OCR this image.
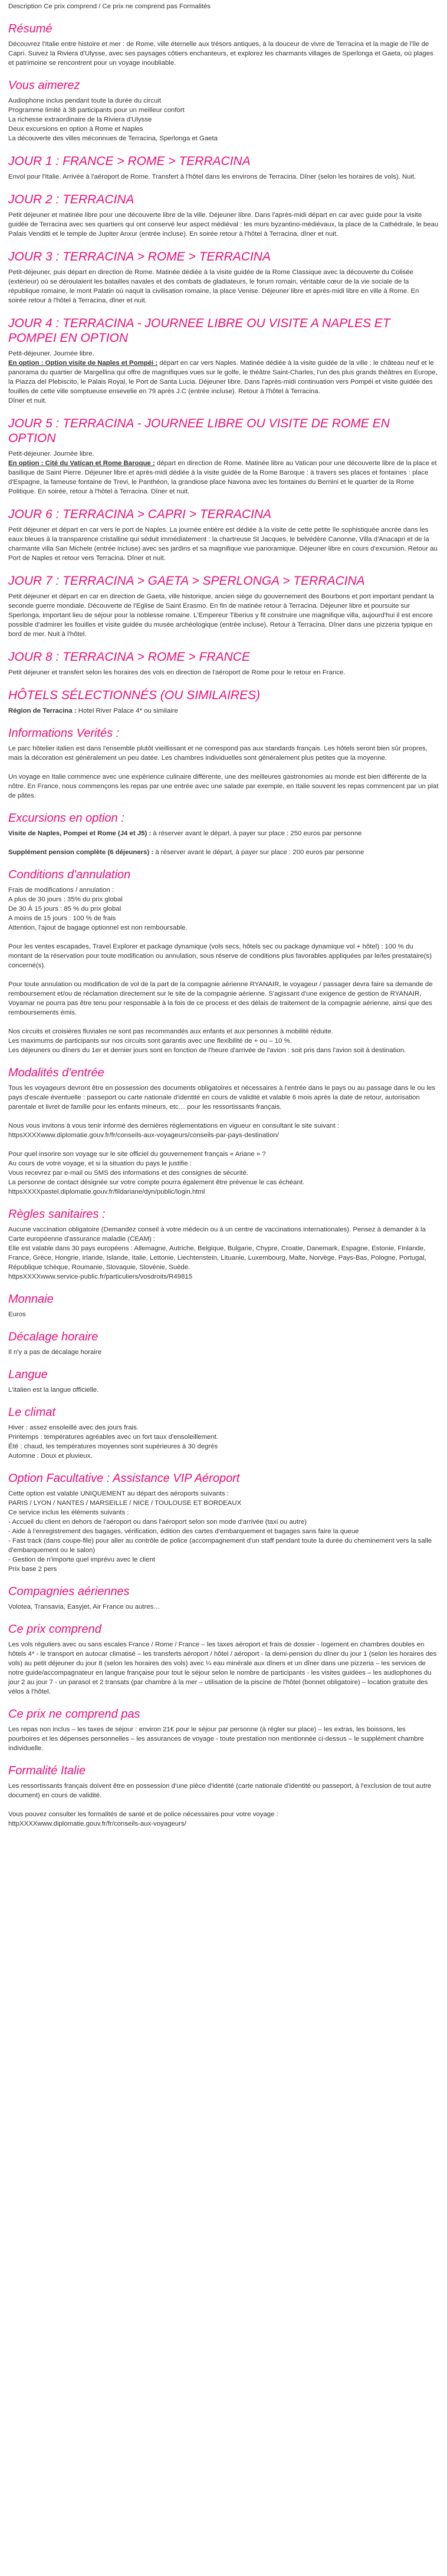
Description Ce prix comprend / Ce prix ne comprend pas Formalités

Résumé

Découvrez l'Italie entre histoire et mer : de Rome, ville éternelle aux trésors antiques, à la douceur de vivre de Terracina et la magie de l'île de Capri. Suivez la Riviera d'Ulysse, avec ses paysages côtiers enchanteurs, et explorez les charmants villages de Sperlonga et Gaeta, où plages et patrimoine se rencontrent pour un voyage inoubliable.

Vous aimerez

Audiophone inclus pendant toute la durée du circuit

Programme limité à 38 participants pour un meilleur confort

La richesse extraordinaire de la Riviera d'Ulysse

Deux excursions en option à Rome et Naples

La découverte des villes méconnues de Terracina, Sperlonga et Gaeta

JOUR 1 : FRANCE > ROME > TERRACINA

Envol pour l'Italie. Arrivée à l'aéroport de Rome. Transfert à l'hôtel dans les environs de Terracina. Dîner (selon les horaires de vols). Nuit.

JOUR 2 : TERRACINA

Petit déjeuner et matinée libre pour une découverte libre de la ville. Déjeuner libre. Dans l'après-midi départ en car avec guide pour la visite guidée de Terracina avec ses quartiers qui ont conservé leur aspect médiéval : les murs byzantino-médiévaux, la place de la Cathédrale, le beau Palais Venditti et le temple de Jupiter Anxur (entrée incluse). En soirée retour à l'hôtel à Terracina, dîner et nuit.

JOUR 3 : TERRACINA > ROME > TERRACINA

Petit-déjeuner, puis départ en direction de Rome. Matinée dédiée à la visite guidée de la Rome Classique avec la découverte du Colisée (extérieur) où se déroulaient les batailles navales et des combats de gladiateurs, le forum romain, véritable cœur de la vie sociale de la république romaine, le mont Palatin où naquit la civilisation romaine, la place Venise. Déjeuner libre et après-midi libre en ville à Rome. En soirée retour à l'hôtel à Terracina, dîner et nuit.

JOUR 4 : TERRACINA - JOURNEE LIBRE OU VISITE A NAPLES ET POMPEI EN OPTION

Petit-déjeuner. Journée libre.

En option : Option visite de Naples et Pompéi : départ en car vers Naples. Matinée dédiée à la visite guidée de la ville : le château neuf et le panorama du quartier de Margellina qui offre de magnifiques vues sur le golfe, le théâtre Saint-Charles, l'un des plus grands théâtres en Europe, la Piazza del Plebiscito, le Palais Royal, le Port de Santa Lucia. Déjeuner libre. Dans l'après-midi continuation vers Pompéi et visite guidée des fouilles de cette ville somptueuse ensevelie en 79 après J.C (entrée incluse). Retour à l'hôtel à Terracina.

Dîner et nuit.

JOUR 5 : TERRACINA - JOURNEE LIBRE OU VISITE DE ROME EN OPTION

Petit-déjeuner. Journée libre.

En option : Cité du Vatican et Rome Baroque : départ en direction de Rome. Matinée libre au Vatican pour une découverte libre de la place et basilique de Saint Pierre. Déjeuner libre et après-midi dédiée à la visite guidée de la Rome Baroque : à travers ses places et fontaines : place d'Espagne, la fameuse fontaine de Trevi, le Panthéon, la grandiose place Navona avec les fontaines du Bernini et le quartier de la Rome Politique. En soirée, retour à l'hôtel à Terracina. Dîner et nuit.

JOUR 6 : TERRACINA > CAPRI > TERRACINA

Petit déjeuner et départ en car vers le port de Naples. La journée entière est dédiée à la visite de cette petite île sophistiquée ancrée dans les eaux bleues à la transparence cristalline qui séduit immédiatement : la chartreuse St Jacques, le belvédère Canonne, Villa d'Anacapri et de la charmante villa San Michele (entrée incluse) avec ses jardins et sa magnifique vue panoramique. Déjeuner libre en cours d'excursion. Retour au Port de Naples et retour vers Terracina. Dîner et nuit.

JOUR 7 : TERRACINA > GAETA > SPERLONGA > TERRACINA

Petit déjeuner et départ en car en direction de Gaeta, ville historique, ancien siège du gouvernement des Bourbons et port important pendant la seconde guerre mondiale. Découverte de l'Eglise de Saint Erasmo. En fin de matinée retour à Terracina. Déjeuner libre et poursuite sur Sperlonga, important lieu de séjour pour la noblesse romaine. L'Empereur Tiberius y fit construire une magnifique villa, aujourd'hui il est encore possible d'admirer les fouilles et visite guidée du musée archéologique (entrée incluse). Retour à Terracina. Dîner dans une pizzeria typique en bord de mer. Nuit à l'hôtel.

JOUR 8 : TERRACINA > ROME > FRANCE

Petit déjeuner et transfert selon les horaires des vols en direction de l'aéroport de Rome pour le retour en France.

HÔTELS SÉLECTIONNÉS (OU SIMILAIRES)

Région de Terracina : Hotel River Palace 4* ou similaire

Informations Verités :

Le parc hôtelier italien est dans l'ensemble plutôt vieillissant et ne correspond pas aux standards français. Les hôtels seront bien sûr propres, mais la décoration est généralement un peu datée. Les chambres individuelles sont généralement plus petites que la moyenne.

Un voyage en Italie commence avec une expérience culinaire différente, une des meilleures gastronomies au monde est bien différente de la nôtre. En France, nous commençons les repas par une entrée avec une salade par exemple, en Italie souvent les repas commencent par un plat de pâtes.

Excursions en option :

Visite de Naples, Pompei et Rome (J4 et J5) : à réserver avant le départ, à payer sur place : 250 euros par personne

Supplément pension complète (6 déjeuners) : à réserver avant le départ, à payer sur place : 200 euros par personne

Conditions d'annulation

Frais de modifications / annulation :

A plus de 30 jours : 35% du prix global

De 30 À 15 jours : 85 % du prix global

A moins de 15 jours : 100 % de frais

Attention, l'ajout de bagage optionnel est non remboursable.

Pour les ventes escapades, Travel Explorer et package dynamique (vols secs, hôtels sec ou package dynamique vol + hôtel) : 100 % du montant de la réservation pour toute modification ou annulation, sous réserve de conditions plus favorables appliquées par le/les prestataire(s) concerné(s).

Pour toute annulation ou modification de vol de la part de la compagnie aérienne RYANAIR, le voyageur / passager devra faire sa demande de remboursement et/ou de réclamation directement sur le site de la compagnie aérienne. S'agissant d'une exigence de gestion de RYANAIR, Voyamar ne pourra pas être tenu pour responsable à la fois de ce process et des délais de traitement de la compagnie aérienne, ainsi que des remboursements émis.

Nos circuits et croisières fluviales ne sont pas recommandés aux enfants et aux personnes à mobilité réduite.

Les maximums de participants sur nos circuits sont garantis avec une flexibilité de + ou – 10 %.

Les déjeuners ou dîners du 1er et dernier jours sont en fonction de l'heure d'arrivée de l'avion : soit pris dans l'avion soit à destination.

Modalités d'entrée

Tous les voyageurs devront être en possession des documents obligatoires et nécessaires à l'entrée dans le pays ou au passage dans le ou les pays d'escale éventuelle : passeport ou carte nationale d'identité en cours de validité et valable 6 mois après la date de retour, autorisation parentale et livret de famille pour les enfants mineurs, etc… pour les ressortissants français.

Nous vous invitons à vous tenir informé des dernières réglementations en vigueur en consultant le site suivant : httpsXXXXwww.diplomatie.gouv.fr/fr/conseils-aux-voyageurs/conseils-par-pays-destination/

Pour quel insorire son voyage sur le site officiel du gouvernement français « Ariane » ?

Au cours de votre voyage, et si la situation du pays le justifie :

Vous recevrez par e-mail ou SMS des informations et des consignes de sécurité.

La personne de contact désignée sur votre compte pourra également être prévenue le cas échéant.

httpsXXXXpastel.diplomatie.gouv.fr/fildariane/dyn/public/login.html

Règles sanitaires :

Aucune vaccination obligatoire (Demandez conseil à votre médecin ou à un centre de vaccinations internationales). Pensez à demander à la Carte européenne d'assurance maladie (CEAM) :

Elle est valable dans 30 pays européens : Allemagne, Autriche, Belgique, Bulgarie, Chypre, Croatie, Danemark, Espagne, Estonie, Finlande, France, Grèce, Hongrie, Irlande, Islande, Italie, Lettonie, Liechtenstein, Lituanie, Luxembourg, Malte, Norvège, Pays-Bas, Pologne, Portugal, République tchèque, Roumanie, Slovaquie, Slovénie, Suède.

httpsXXXXwww.service-public.fr/particuliers/vosdroits/R49815

Monnaie

Euros

Décalage horaire

Il n'y a pas de décalage horaire

Langue

L'italien est la langue officielle.

Le climat

Hiver : assez ensoleillé avec des jours frais.

Printemps : températures agréables avec un fort taux d'ensoleillement.

Été : chaud, les températures moyennes sont supérieures à 30 degrés

Automne : Doux et pluvieux.

Option Facultative : Assistance VIP Aéroport

Cette option est valable UNIQUEMENT au départ des aéroports suivants :

PARIS / LYON / NANTES / MARSEILLE / NICE / TOULOUSE ET BORDEAUX

Ce service inclus les éléments suivants :

- Accueil du client en dehors de l'aéroport ou dans l'aéroport selon son mode d'arrivée (taxi ou autre)

- Aide à l'enregistrement des bagages, vérification, édition des cartes d'embarquement et bagages sans faire la queue

- Fast track (dans coupe-file) pour aller au contrôle de police (accompagnement d'un staff pendant toute la durée du cheminement vers la salle d'embarquement ou le salon)

- Gestion de n'importe quel imprévu avec le client

Prix base 2 pers

Compagnies aériennes

Volotea, Transavia, Easyjet, Air France ou autres…

Ce prix comprend

Les vols réguliers avec ou sans escales France / Rome / France – les taxes aéroport et frais de dossier - logement en chambres doubles en hôtels 4* - le transport en autocar climatisé – les transferts aéroport / hôtel / aéroport - la demi-pension du dîner du jour 1 (selon les horaires des vols) au petit déjeuner du jour 8 (selon les horaires des vols) avec ¼ eau minérale aux dîners et un dîner dans une pizzeria – les services de notre guide/accompagnateur en langue française pour tout le séjour selon le nombre de participants - les visites guidées – les audiophones du jour 2 au jour 7 - un parasol et 2 transats (par chambre à la mer – utilisation de la piscine de l'hôtel (bonnet obligatoire) – location gratuite des vélos à l'hôtel.

Ce prix ne comprend pas

Les repas non inclus – les taxes de séjour : environ 21€ pour le séjour par personne (à régler sur place) – les extras, les boissons, les pourboires et les dépenses personnelles – les assurances de voyage - toute prestation non mentionnée ci-dessus – le supplément chambre individuelle.

Formalité Italie

Les ressortissants français doivent être en possession d'une pièce d'identité (carte nationale d'identité ou passeport, à l'exclusion de tout autre document) en cours de validité.

Vous pouvez consulter les formalités de santé et de police nécessaires pour votre voyage :

httpXXXXwww.diplomatie.gouv.fr/fr/conseils-aux-voyageurs/
